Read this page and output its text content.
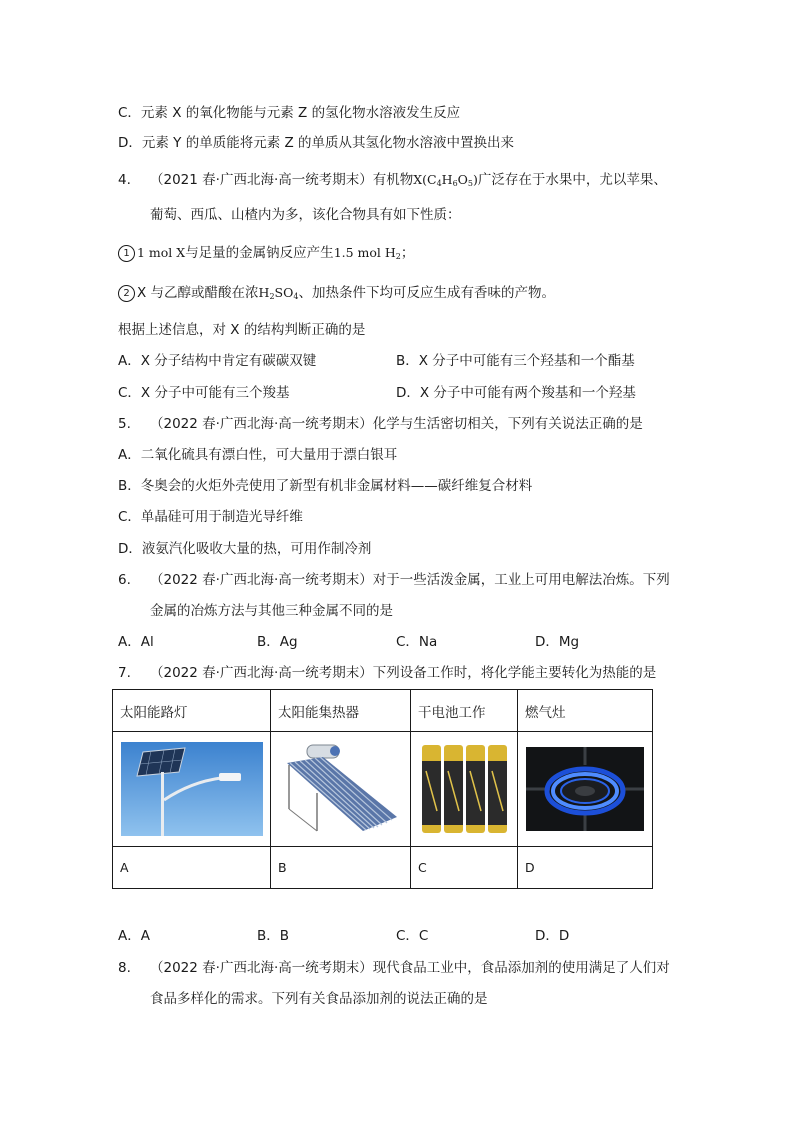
C．元素 X 的氧化物能与元素 Z 的氢化物水溶液发生反应
D．元素 Y 的单质能将元素 Z 的单质从其氢化物水溶液中置换出来
4. （2021 春·广西北海·高一统考期末）有机物$X(C_4H_6O_5)$广泛存在于水果中，尤以苹果、
葡萄、西瓜、山楂内为多，该化合物具有如下性质：
1 1 mol X与足量的金属钠反应产生1.5 mol $H_2$；
2 X 与乙醇或醋酸在浓$H_2SO_4$、加热条件下均可反应生成有香味的产物。
根据上述信息，对 X 的结构判断正确的是
A．X 分子结构中肯定有碳碳双键	B．X 分子中可能有三个羟基和一个酯基
C．X 分子中可能有三个羧基	D．X 分子中可能有两个羧基和一个羟基
5. （2022 春·广西北海·高一统考期末）化学与生活密切相关，下列有关说法正确的是
A．二氧化硫具有漂白性，可大量用于漂白银耳
B．冬奥会的火炬外壳使用了新型有机非金属材料——碳纤维复合材料
C．单晶硅可用于制造光导纤维
D．液氨汽化吸收大量的热，可用作制冷剂
6. （2022 春·广西北海·高一统考期末）对于一些活泼金属，工业上可用电解法冶炼。下列
金属的冶炼方法与其他三种金属不同的是
A．Al	B．Ag	C．Na	D．Mg
7. （2022 春·广西北海·高一统考期末）下列设备工作时，将化学能主要转化为热能的是
太阳能路灯	太阳能集热器	干电池工作	燃气灶

A	B	C	D
A．A	B．B	C．C	D．D
8. （2022 春·广西北海·高一统考期末）现代食品工业中，食品添加剂的使用满足了人们对
食品多样化的需求。下列有关食品添加剂的说法正确的是
